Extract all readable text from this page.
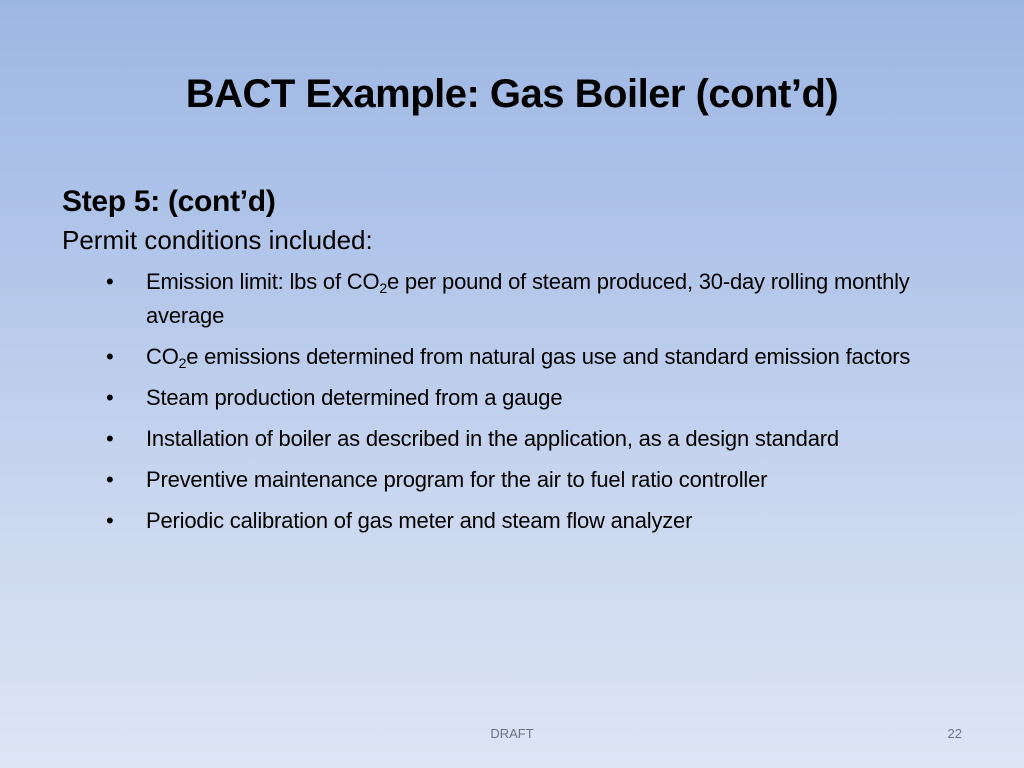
BACT Example: Gas Boiler (cont’d)
Step 5: (cont’d)
Permit conditions included:
• Emission limit: lbs of $CO_2e$ per pound of steam produced, 30-day rolling monthly average
• $CO_2e$ emissions determined from natural gas use and standard emission factors
• Steam production determined from a gauge
• Installation of boiler as described in the application, as a design standard
• Preventive maintenance program for the air to fuel ratio controller
• Periodic calibration of gas meter and steam flow analyzer
DRAFT	22
